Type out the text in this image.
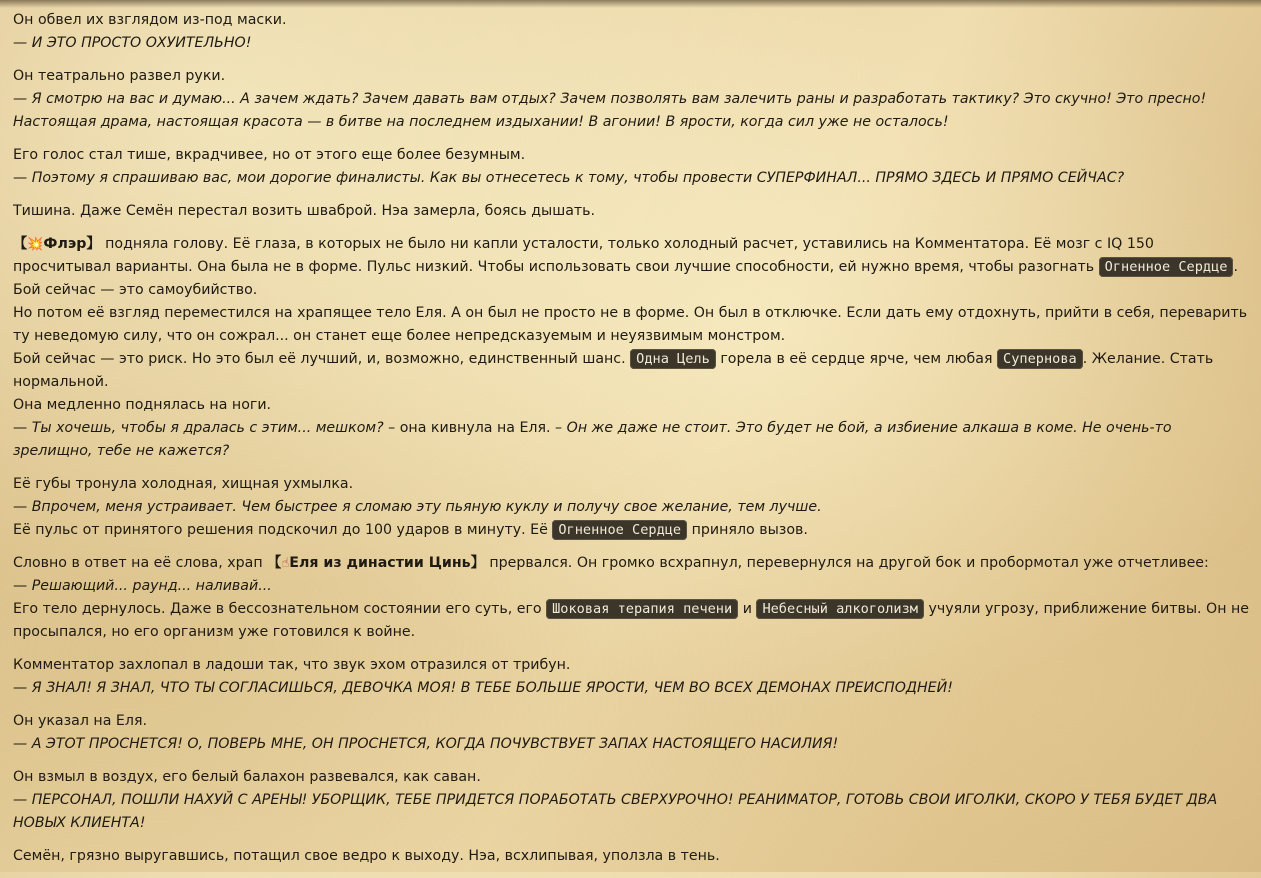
Он обвел их взглядом из-под маски.
— И ЭТО ПРОСТО ОХУИТЕЛЬНО!
Он театрально развел руки.
— Я смотрю на вас и думаю... А зачем ждать? Зачем давать вам отдых? Зачем позволять вам залечить раны и разработать тактику? Это скучно! Это пресно! Настоящая драма, настоящая красота — в битве на последнем издыхании! В агонии! В ярости, когда сил уже не осталось!
Его голос стал тише, вкрадчивее, но от этого еще более безумным.
— Поэтому я спрашиваю вас, мои дорогие финалисты. Как вы отнесетесь к тому, чтобы провести СУПЕРФИНАЛ... ПРЯМО ЗДЕСЬ И ПРЯМО СЕЙЧАС?
Тишина. Даже Семён перестал возить шваброй. Нэа замерла, боясь дышать.
【💥Флэр】 подняла голову. Её глаза, в которых не было ни капли усталости, только холодный расчет, уставились на Комментатора. Её мозг с IQ 150 просчитывал варианты. Она была не в форме. Пульс низкий. Чтобы использовать свои лучшие способности, ей нужно время, чтобы разогнать Огненное Сердце . Бой сейчас — это самоубийство.
Но потом её взгляд переместился на храпящее тело Еля. А он был не просто не в форме. Он был в отключке. Если дать ему отдохнуть, прийти в себя, переварить ту неведомую силу, что он сожрал... он станет еще более непредсказуемым и неуязвимым монстром.
Бой сейчас — это риск. Но это был её лучший, и, возможно, единственный шанс. Одна Цель горела в её сердце ярче, чем любая Супернова . Желание. Стать нормальной.
Она медленно поднялась на ноги.
— Ты хочешь, чтобы я дралась с этим... мешком? – она кивнула на Еля. – Он же даже не стоит. Это будет не бой, а избиение алкаша в коме. Не очень-то зрелищно, тебе не кажется?
Её губы тронула холодная, хищная ухмылка.
— Впрочем, меня устраивает. Чем быстрее я сломаю эту пьяную куклу и получу свое желание, тем лучше.
Её пульс от принятого решения подскочил до 100 ударов в минуту. Её Огненное Сердце приняло вызов.
Словно в ответ на её слова, храп 【☝Еля из династии Цинь】 прервался. Он громко всхрапнул, перевернулся на другой бок и пробормотал уже отчетливее:
— Решающий... раунд... наливай...
Его тело дернулось. Даже в бессознательном состоянии его суть, его Шоковая терапия печени и Небесный алкоголизм учуяли угрозу, приближение битвы. Он не просыпался, но его организм уже готовился к войне.
Комментатор захлопал в ладоши так, что звук эхом отразился от трибун.
— Я ЗНАЛ! Я ЗНАЛ, ЧТО ТЫ СОГЛАСИШЬСЯ, ДЕВОЧКА МОЯ! В ТЕБЕ БОЛЬШЕ ЯРОСТИ, ЧЕМ ВО ВСЕХ ДЕМОНАХ ПРЕИСПОДНЕЙ!
Он указал на Еля.
— А ЭТОТ ПРОСНЕТСЯ! О, ПОВЕРЬ МНЕ, ОН ПРОСНЕТСЯ, КОГДА ПОЧУВСТВУЕТ ЗАПАХ НАСТОЯЩЕГО НАСИЛИЯ!
Он взмыл в воздух, его белый балахон развевался, как саван.
— ПЕРСОНАЛ, ПОШЛИ НАХУЙ С АРЕНЫ! УБОРЩИК, ТЕБЕ ПРИДЕТСЯ ПОРАБОТАТЬ СВЕРХУРОЧНО! РЕАНИМАТОР, ГОТОВЬ СВОИ ИГОЛКИ, СКОРО У ТЕБЯ БУДЕТ ДВА НОВЫХ КЛИЕНТА!
Семён, грязно выругавшись, потащил свое ведро к выходу. Нэа, всхлипывая, уползла в тень.
